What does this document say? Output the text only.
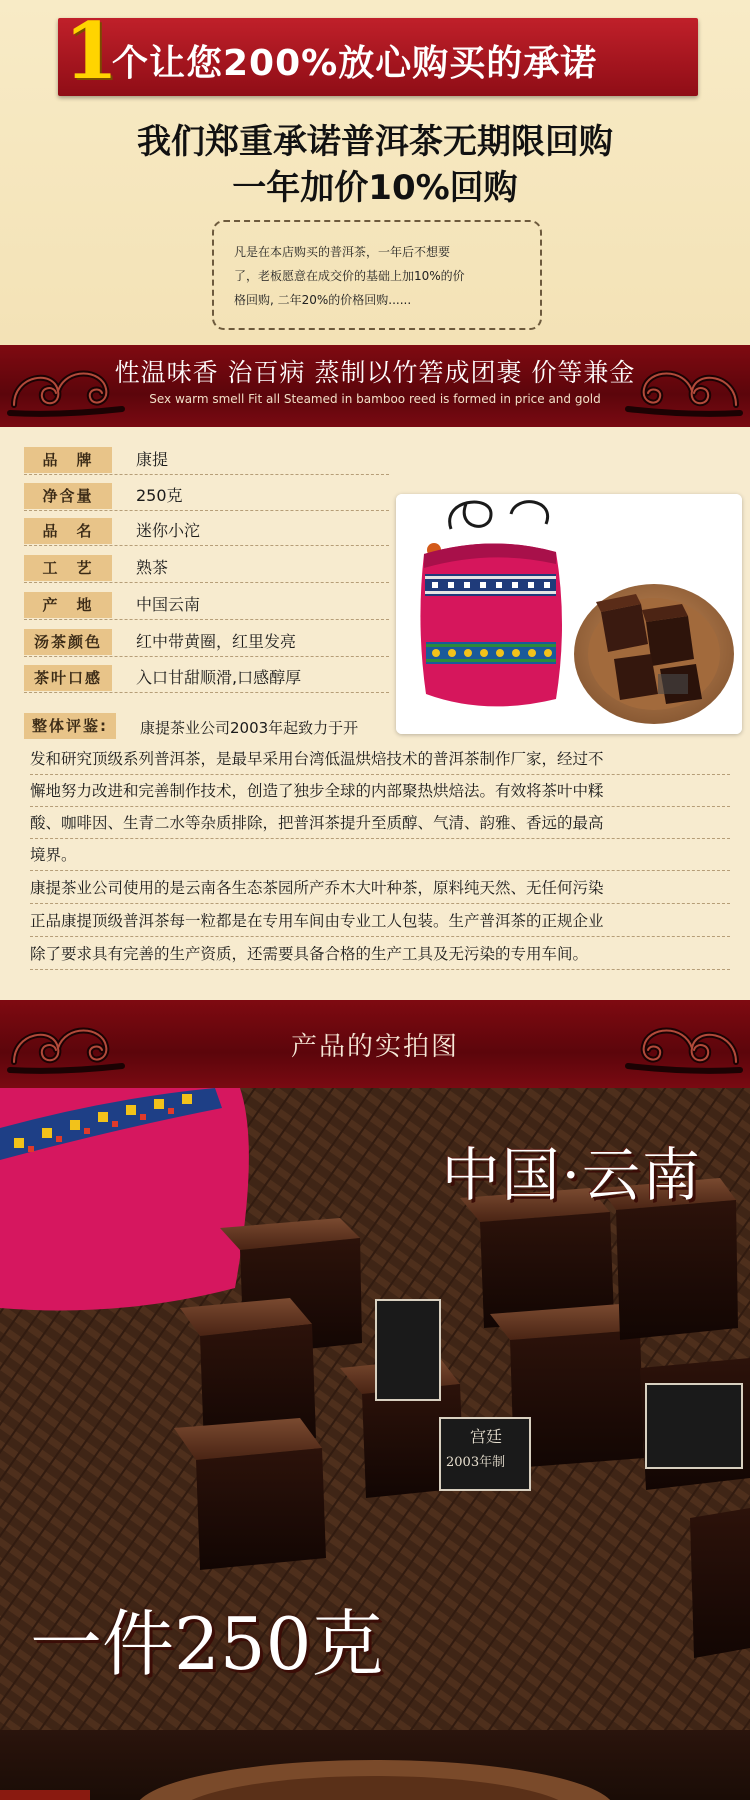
1
个让您200%放心购买的承诺
我们郑重承诺普洱茶无期限回购
一年加价10%回购
凡是在本店购买的普洱茶，一年后不想要
了，老板愿意在成交价的基础上加10%的价
格回购, 二年20%的价格回购......
性温味香 治百病 蒸制以竹箬成团裹 价等兼金
Sex warm smell Fit all Steamed in bamboo reed is formed in price and gold
品　牌	康提
净含量	250克
品　名	迷你小沱
工　艺	熟茶
产　地	中国云南
汤茶颜色	红中带黄圈，红里发亮
茶叶口感	入口甘甜顺滑,口感醇厚
整体评鉴:	康提茶业公司2003年起致力于开
发和研究顶级系列普洱茶，是最早采用台湾低温烘焙技术的普洱茶制作厂家，经过不
懈地努力改进和完善制作技术，创造了独步全球的内部聚热烘焙法。有效将茶叶中糅
酸、咖啡因、生青二水等杂质排除，把普洱茶提升至质醇、气清、韵雅、香远的最高
境界。
康提茶业公司使用的是云南各生态茶园所产乔木大叶种茶，原料纯天然、无任何污染
正品康提顶级普洱茶每一粒都是在专用车间由专业工人包装。生产普洱茶的正规企业
除了要求具有完善的生产资质，还需要具备合格的生产工具及无污染的专用车间。
产品的实拍图
宫廷
2003年制
中国·云南
一件250克
